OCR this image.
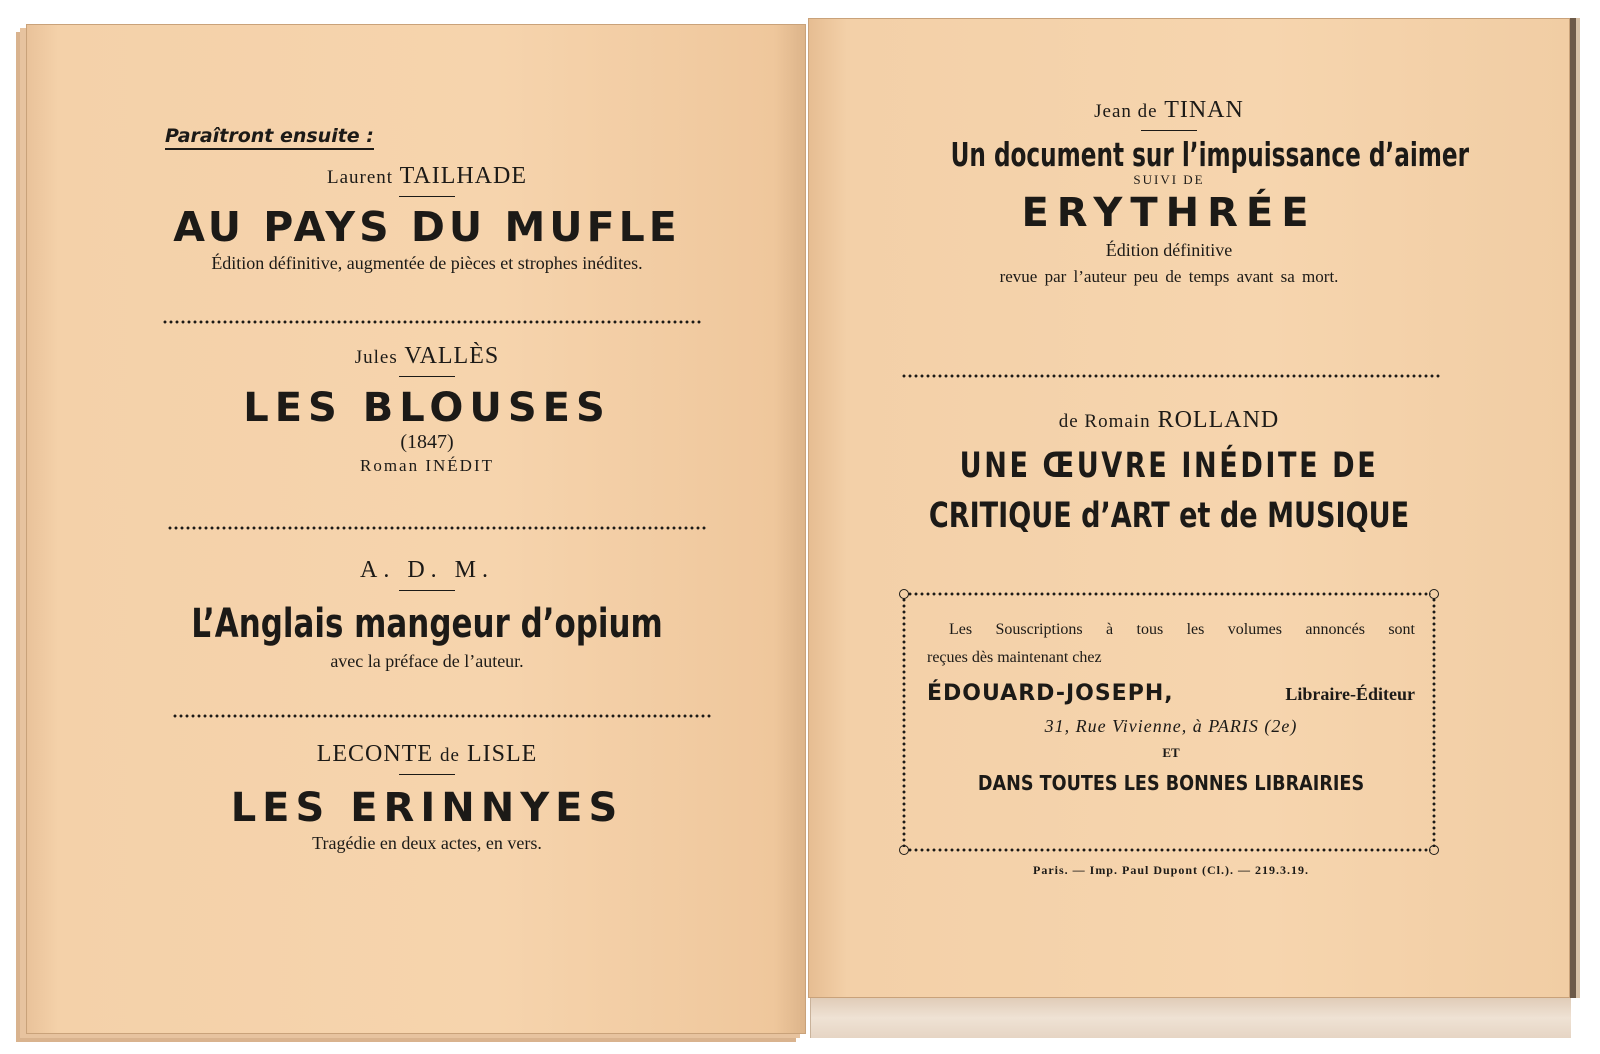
Paraîtront ensuite :
Laurent TAILHADE
AU PAYS DU MUFLE
Édition définitive, augmentée de pièces et strophes inédites.
Jules VALLÈS
LES BLOUSES
(1847)
Roman INÉDIT
A. D. M.
L’Anglais mangeur d’opium
avec la préface de l’auteur.
LECONTE de LISLE
LES ERINNYES
Tragédie en deux actes, en vers.
Jean de TINAN
Un document sur l’impuissance d’aimer
SUIVI DE
ERYTHRÉE
Édition définitive
revue par l’auteur peu de temps avant sa mort.
de Romain ROLLAND
UNE ŒUVRE INÉDITE DE
CRITIQUE d’ART et de MUSIQUE
Les Souscriptions à tous les volumes annoncés sont
reçues dès maintenant chez
ÉDOUARD-JOSEPH,	Libraire-Éditeur
31, Rue Vivienne, à PARIS (2e)
ET
DANS TOUTES LES BONNES LIBRAIRIES
Paris. — Imp. Paul Dupont (Cl.). — 219.3.19.
